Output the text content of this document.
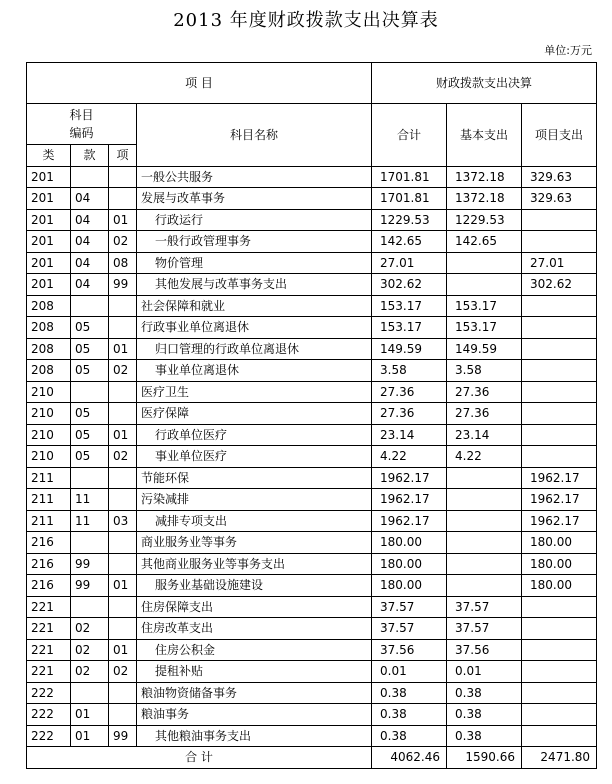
2013 年度财政拨款支出决算表
单位:万元
项 目				财政拨款支出决算		
科目
编码			科目名称	合计	基本支出	项目支出
类	款	项				
201			一般公共服务	1701.81	1372.18	329.63
201	04		发展与改革事务	1701.81	1372.18	329.63
201	04	01	行政运行	1229.53	1229.53	
201	04	02	一般行政管理事务	142.65	142.65	
201	04	08	物价管理	27.01		27.01
201	04	99	其他发展与改革事务支出	302.62		302.62
208			社会保障和就业	153.17	153.17	
208	05		行政事业单位离退休	153.17	153.17	
208	05	01	归口管理的行政单位离退休	149.59	149.59	
208	05	02	事业单位离退休	3.58	3.58	
210			医疗卫生	27.36	27.36	
210	05		医疗保障	27.36	27.36	
210	05	01	行政单位医疗	23.14	23.14	
210	05	02	事业单位医疗	4.22	4.22	
211			节能环保	1962.17		1962.17
211	11		污染减排	1962.17		1962.17
211	11	03	减排专项支出	1962.17		1962.17
216			商业服务业等事务	180.00		180.00
216	99		其他商业服务业等事务支出	180.00		180.00
216	99	01	服务业基础设施建设	180.00		180.00
221			住房保障支出	37.57	37.57	
221	02		住房改革支出	37.57	37.57	
221	02	01	住房公积金	37.56	37.56	
221	02	02	提租补贴	0.01	0.01	
222			粮油物资储备事务	0.38	0.38	
222	01		粮油事务	0.38	0.38	
222	01	99	其他粮油事务支出	0.38	0.38	
合 计				4062.46	1590.66	2471.80
